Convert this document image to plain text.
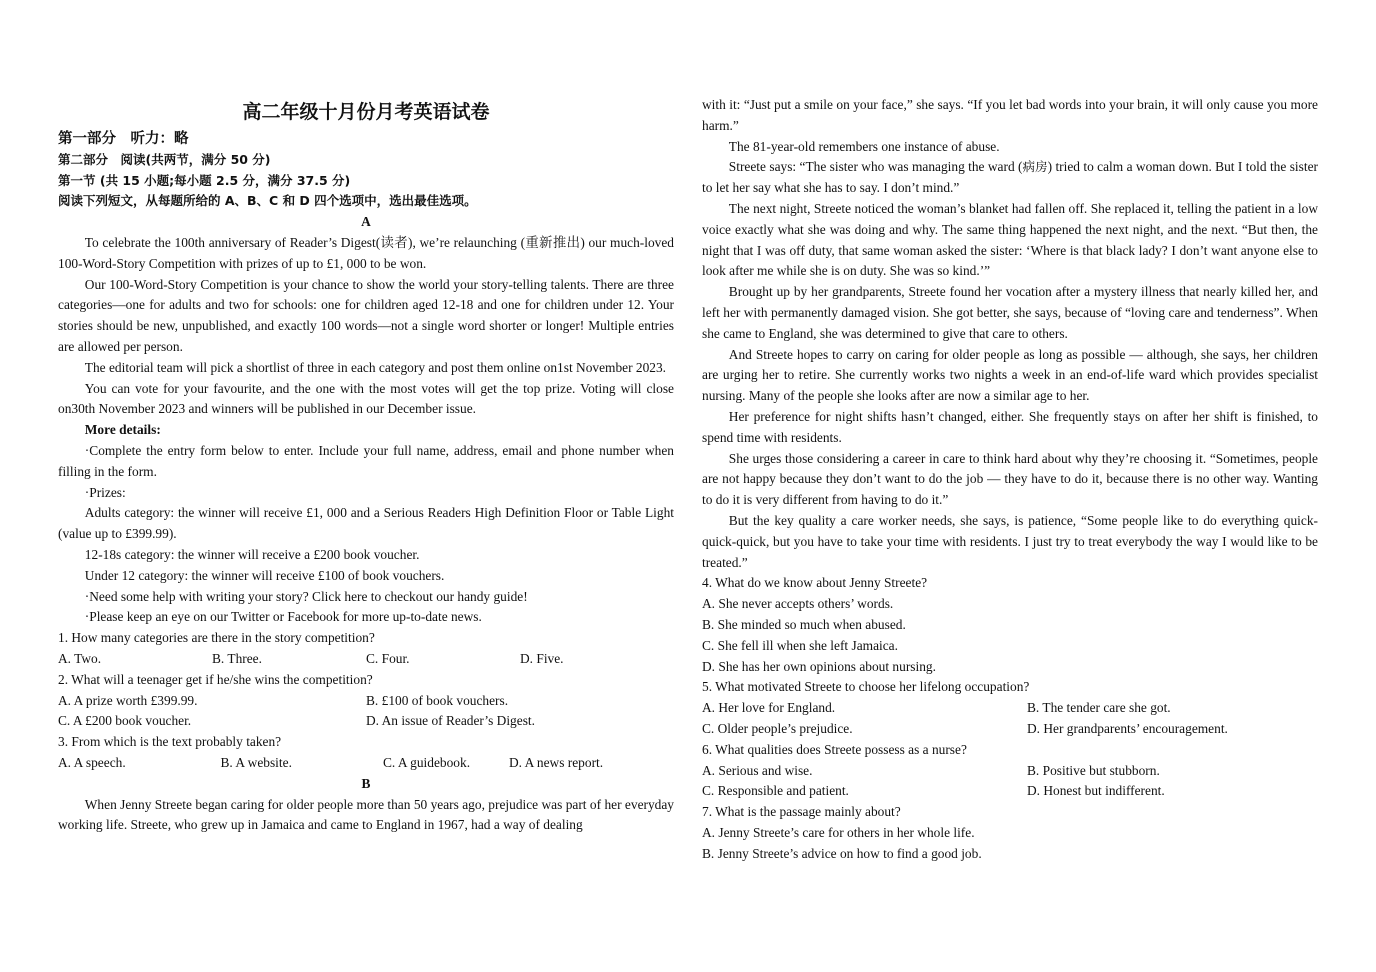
高二年级十月份月考英语试卷

第一部分　听力：略

第二部分　阅读(共两节，满分 50 分)

第一节 (共 15 小题;每小题 2.5 分，满分 37.5 分)

阅读下列短文，从每题所给的 A、B、C 和 D 四个选项中，选出最佳选项。

A

To celebrate the 100th anniversary of Reader’s Digest(读者), we’re relaunching (重新推出) our much-loved 100-Word-Story Competition with prizes of up to £1, 000 to be won.

Our 100-Word-Story Competition is your chance to show the world your story-telling talents. There are three categories—one for adults and two for schools: one for children aged 12-18 and one for children under 12. Your stories should be new, unpublished, and exactly 100 words—not a single word shorter or longer! Multiple entries are allowed per person.

The editorial team will pick a shortlist of three in each category and post them online on1st November 2023.

You can vote for your favourite, and the one with the most votes will get the top prize. Voting will close on30th November 2023 and winners will be published in our December issue.

More details:

·Complete the entry form below to enter. Include your full name, address, email and phone number when filling in the form.

·Prizes:

Adults category: the winner will receive £1, 000 and a Serious Readers High Definition Floor or Table Light (value up to £399.99).

12-18s category: the winner will receive a £200 book voucher.

Under 12 category: the winner will receive £100 of book vouchers.

·Need some help with writing your story? Click here to checkout our handy guide!

·Please keep an eye on our Twitter or Facebook for more up-to-date news.

1. How many categories are there in the story competition?

A. Two.	B. Three.	C. Four.	D. Five.

2. What will a teenager get if he/she wins the competition?

A. A prize worth £399.99.	B. £100 of book vouchers.
C. A £200 book voucher.	D. An issue of Reader’s Digest.

3. From which is the text probably taken?

A. A speech.	B. A website.	C. A guidebook.	D. A news report.

B

When Jenny Streete began caring for older people more than 50 years ago, prejudice was part of her everyday working life. Streete, who grew up in Jamaica and came to England in 1967, had a way of dealing

with it: “Just put a smile on your face,” she says. “If you let bad words into your brain, it will only cause you more harm.”

The 81-year-old remembers one instance of abuse.

Streete says: “The sister who was managing the ward (病房) tried to calm a woman down. But I told the sister to let her say what she has to say. I don’t mind.”

The next night, Streete noticed the woman’s blanket had fallen off. She replaced it, telling the patient in a low voice exactly what she was doing and why. The same thing happened the next night, and the next. “But then, the night that I was off duty, that same woman asked the sister: ‘Where is that black lady? I don’t want anyone else to look after me while she is on duty. She was so kind.’”

Brought up by her grandparents, Streete found her vocation after a mystery illness that nearly killed her, and left her with permanently damaged vision. She got better, she says, because of “loving care and tenderness”. When she came to England, she was determined to give that care to others.

And Streete hopes to carry on caring for older people as long as possible — although, she says, her children are urging her to retire. She currently works two nights a week in an end-of-life ward which provides specialist nursing. Many of the people she looks after are now a similar age to her.

Her preference for night shifts hasn’t changed, either. She frequently stays on after her shift is finished, to spend time with residents.

She urges those considering a career in care to think hard about why they’re choosing it. “Sometimes, people are not happy because they don’t want to do the job — they have to do it, because there is no other way. Wanting to do it is very different from having to do it.”

But the key quality a care worker needs, she says, is patience, “Some people like to do everything quick-quick-quick, but you have to take your time with residents. I just try to treat everybody the way I would like to be treated.”

4. What do we know about Jenny Streete?

A. She never accepts others’ words.

B. She minded so much when abused.

C. She fell ill when she left Jamaica.

D. She has her own opinions about nursing.

5. What motivated Streete to choose her lifelong occupation?

A. Her love for England.	B. The tender care she got.
C. Older people’s prejudice.	D. Her grandparents’ encouragement.

6. What qualities does Streete possess as a nurse?

A. Serious and wise.	B. Positive but stubborn.
C. Responsible and patient.	D. Honest but indifferent.

7. What is the passage mainly about?

A. Jenny Streete’s care for others in her whole life.

B. Jenny Streete’s advice on how to find a good job.
